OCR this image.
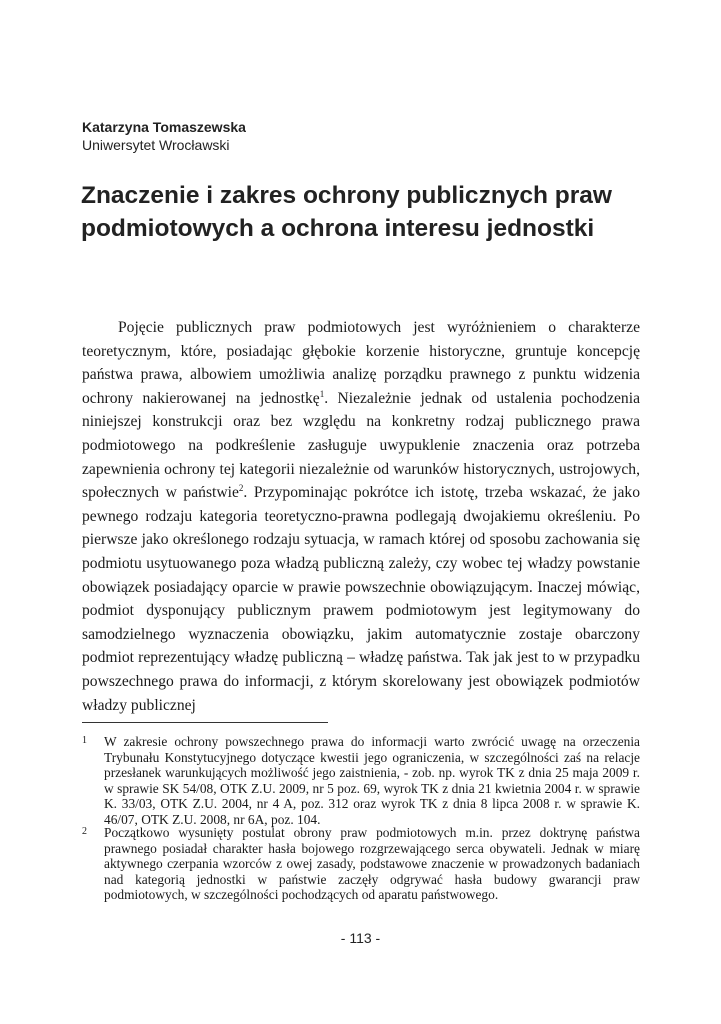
Katarzyna Tomaszewska
Uniwersytet Wrocławski
Znaczenie i zakres ochrony publicznych praw podmiotowych a ochrona interesu jednostki

Pojęcie publicznych praw podmiotowych jest wyróżnieniem o charakterze teoretycznym, które, posiadając głębokie korzenie historyczne, gruntuje koncepcję państwa prawa, albowiem umożliwia analizę porządku prawnego z punktu widzenia ochrony nakierowanej na jednostkę$^1$. Niezależnie jednak od ustalenia pochodzenia niniejszej konstrukcji oraz bez względu na konkretny rodzaj publicznego prawa podmiotowego na podkreślenie zasługuje uwypuklenie znaczenia oraz potrzeba zapewnienia ochrony tej kategorii niezależnie od warunków historycznych, ustrojowych, społecznych w państwie$^2$. Przypominając pokrótce ich istotę, trzeba wskazać, że jako pewnego rodzaju kategoria teoretyczno-prawna podlegają dwojakiemu określeniu. Po pierwsze jako określonego rodzaju sytuacja, w ramach której od sposobu zachowania się podmiotu usytuowanego poza władzą publiczną zależy, czy wobec tej władzy powstanie obowiązek posiadający oparcie w prawie powszechnie obowiązującym. Inaczej mówiąc, podmiot dysponujący publicznym prawem podmiotowym jest legitymowany do samodzielnego wyznaczenia obowiązku, jakim automatycznie zostaje obarczony podmiot reprezentujący władzę publiczną – władzę państwa. Tak jak jest to w przypadku powszechnego prawa do informacji, z którym skorelowany jest obowiązek podmiotów władzy publicznej

1 W zakresie ochrony powszechnego prawa do informacji warto zwrócić uwagę na orzeczenia Trybunału Konstytucyjnego dotyczące kwestii jego ograniczenia, w szczególności zaś na relacje przesłanek warunkujących możliwość jego zaistnienia, - zob. np. wyrok TK z dnia 25 maja 2009 r. w sprawie SK 54/08, OTK Z.U. 2009, nr 5 poz. 69, wyrok TK z dnia 21 kwietnia 2004 r. w sprawie K. 33/03, OTK Z.U. 2004, nr 4 A, poz. 312 oraz wyrok TK z dnia 8 lipca 2008 r. w sprawie K. 46/07, OTK Z.U. 2008, nr 6A, poz. 104.

2 Początkowo wysunięty postulat obrony praw podmiotowych m.in. przez doktrynę państwa prawnego posiadał charakter hasła bojowego rozgrzewającego serca obywateli. Jednak w miarę aktywnego czerpania wzorców z owej zasady, podstawowe znaczenie w prowadzonych badaniach nad kategorią jednostki w państwie zaczęły odgrywać hasła budowy gwarancji praw podmiotowych, w szczególności pochodzących od aparatu państwowego.

- 113 -
